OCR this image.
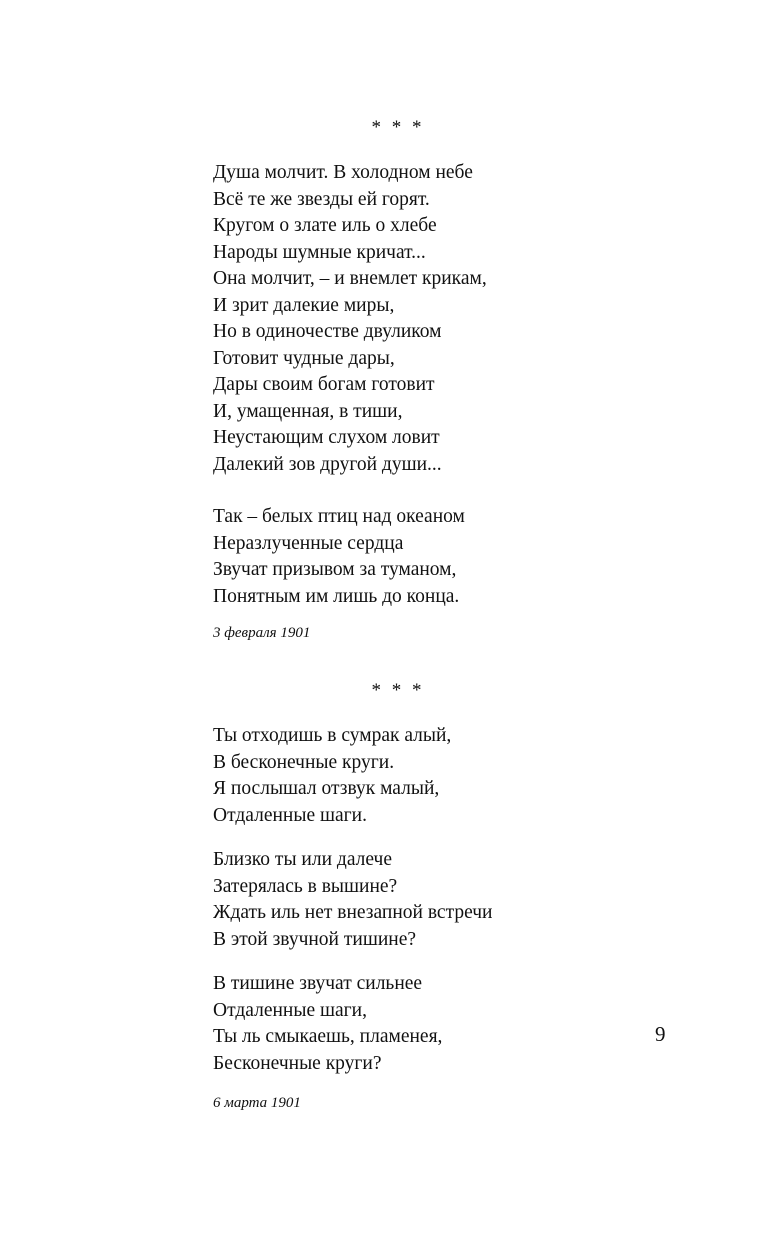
* * *
Душа молчит. В холодном небе
Всё те же звезды ей горят.
Кругом о злате иль о хлебе
Народы шумные кричат...
Она молчит, – и внемлет крикам,
И зрит далекие миры,
Но в одиночестве двуликом
Готовит чудные дары,
Дары своим богам готовит
И, умащенная, в тиши,
Неустающим слухом ловит
Далекий зов другой души...
Так – белых птиц над океаном
Неразлученные сердца
Звучат призывом за туманом,
Понятным им лишь до конца.
3 февраля 1901
* * *
Ты отходишь в сумрак алый,
В бесконечные круги.
Я послышал отзвук малый,
Отдаленные шаги.
Близко ты или далече
Затерялась в вышине?
Ждать иль нет внезапной встречи
В этой звучной тишине?
В тишине звучат сильнее
Отдаленные шаги,
Ты ль смыкаешь, пламенея,
Бесконечные круги?
6 марта 1901
9
